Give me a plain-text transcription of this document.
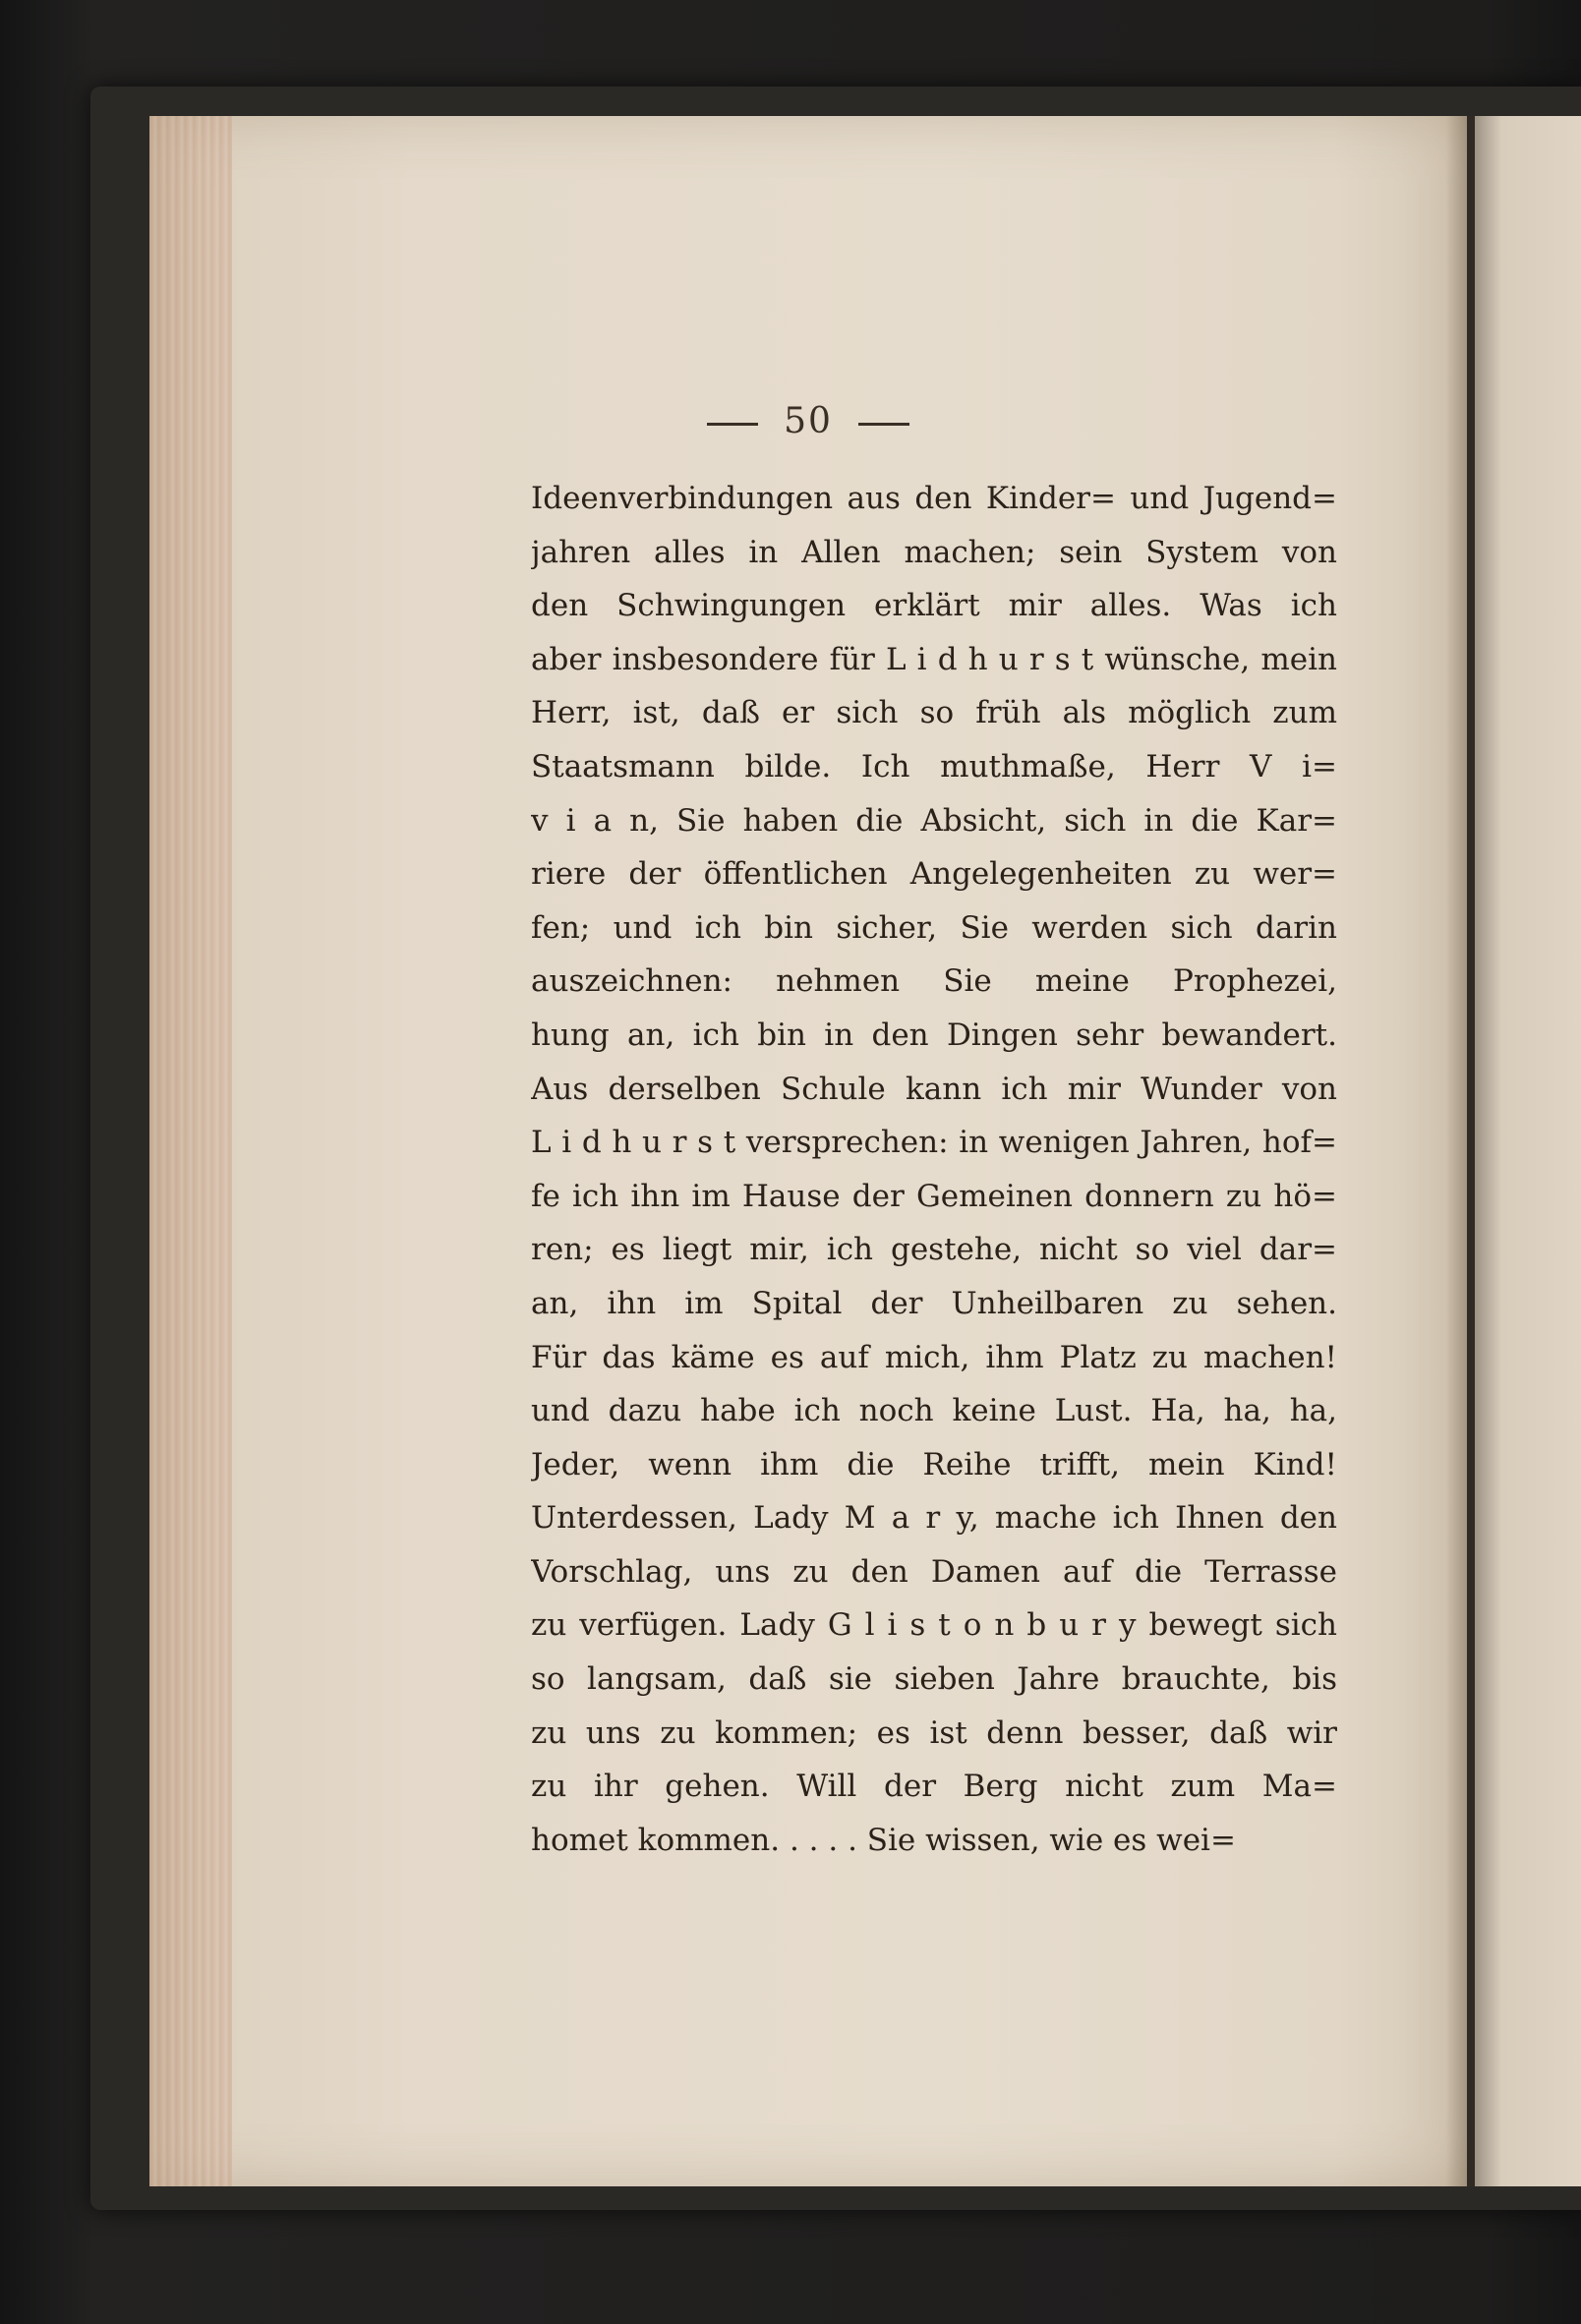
50
Ideenverbindungen aus den Kinder= und Jugend=
jahren alles in Allen machen; sein System von
den Schwingungen erklärt mir alles. Was ich
aber insbesondere für L i d h u r s t wünsche, mein
Herr, ist, daß er sich so früh als möglich zum
Staatsmann bilde. Ich muthmaße, Herr V i=
v i a n, Sie haben die Absicht, sich in die Kar=
riere der öffentlichen Angelegenheiten zu wer=
fen; und ich bin sicher, Sie werden sich darin
auszeichnen: nehmen Sie meine Prophezei,
hung an, ich bin in den Dingen sehr bewandert.
Aus derselben Schule kann ich mir Wunder von
L i d h u r s t versprechen: in wenigen Jahren, hof=
fe ich ihn im Hause der Gemeinen donnern zu hö=
ren; es liegt mir, ich gestehe, nicht so viel dar=
an, ihn im Spital der Unheilbaren zu sehen.
Für das käme es auf mich, ihm Platz zu machen!
und dazu habe ich noch keine Lust. Ha, ha, ha,
Jeder, wenn ihm die Reihe trifft, mein Kind!
Unterdessen, Lady M a r y, mache ich Ihnen den
Vorschlag, uns zu den Damen auf die Terrasse
zu verfügen. Lady G l i s t o n b u r y bewegt sich
so langsam, daß sie sieben Jahre brauchte, bis
zu uns zu kommen; es ist denn besser, daß wir
zu ihr gehen. Will der Berg nicht zum Ma=
homet kommen. . . . . Sie wissen, wie es wei=
